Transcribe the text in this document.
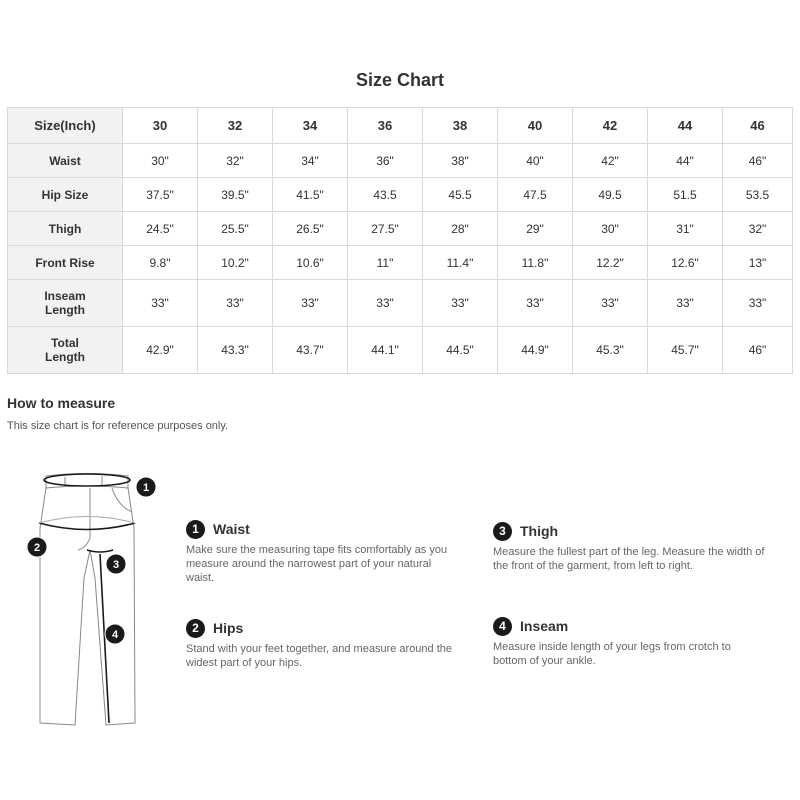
Size Chart
Size(Inch)	30	32	34	36	38	40	42	44	46
Waist	30"	32"	34"	36"	38"	40"	42"	44"	46"
Hip Size	37.5"	39.5"	41.5"	43.5	45.5	47.5	49.5	51.5	53.5
Thigh	24.5"	25.5"	26.5"	27.5"	28"	29"	30"	31"	32"
Front Rise	9.8"	10.2"	10.6"	11"	11.4"	11.8"	12.2"	12.6"	13"
Inseam
Length	33"	33"	33"	33"	33"	33"	33"	33"	33"
Total
Length	42.9"	43.3"	43.7"	44.1"	44.5"	44.9"	45.3"	45.7"	46"
How to measure
This size chart is for reference purposes only.
1
2
3
4
1	Waist
Make sure the measuring tape fits comfortably as you
measure around the narrowest part of your natural
waist.
2	Hips
Stand with your feet together, and measure around the
widest part of your hips.
3	Thigh
Measure the fullest part of the leg. Measure the width of
the front of the garment, from left to right.
4	Inseam
Measure inside length of your legs from crotch to
bottom of your ankle.
